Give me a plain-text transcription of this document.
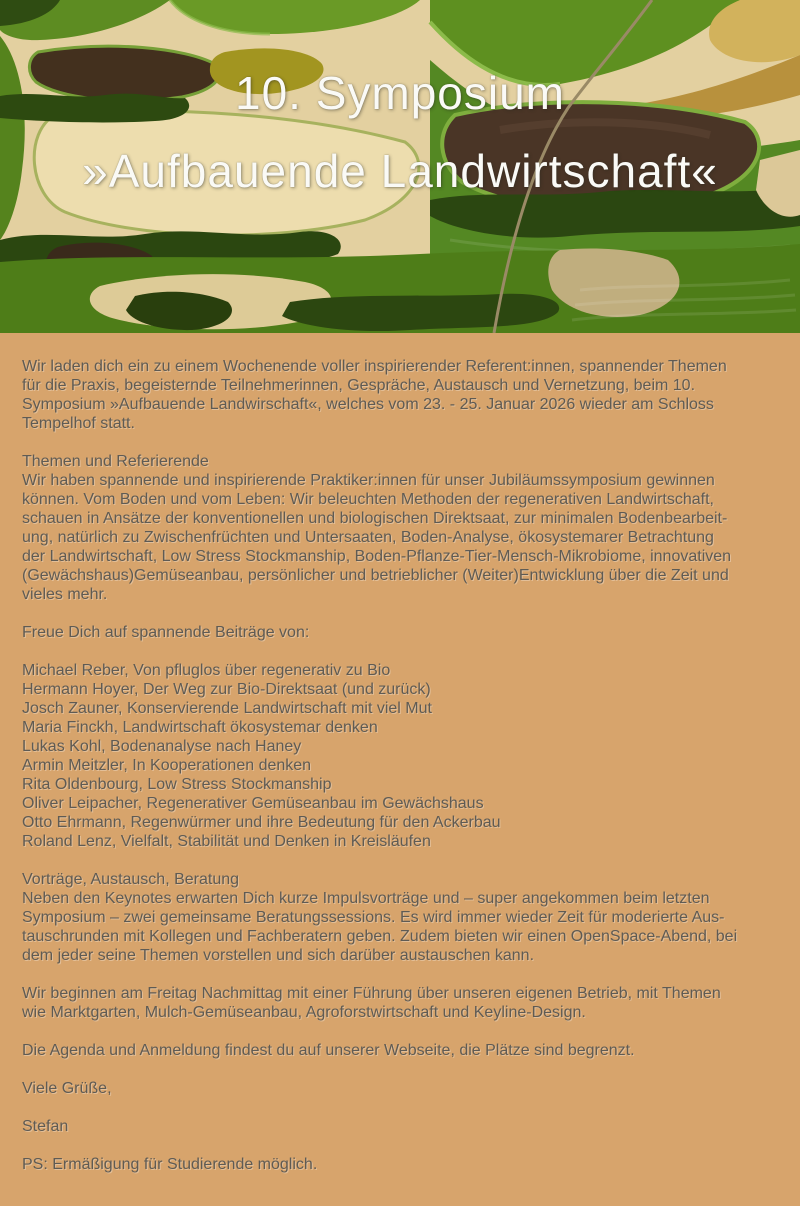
10. Symposium
»Aufbauende Landwirtschaft«
Wir laden dich ein zu einem Wochenende voller inspirierender Referent:innen, spannender Themen
für die Praxis, begeisternde Teilnehmerinnen, Gespräche, Austausch und Vernetzung, beim 10.
Symposium »Aufbauende Landwirschaft«, welches vom 23. - 25. Januar 2026 wieder am Schloss
Tempelhof statt.
Themen und Referierende
Wir haben spannende und inspirierende Praktiker:innen für unser Jubiläumssymposium gewinnen
können. Vom Boden und vom Leben: Wir beleuchten Methoden der regenerativen Landwirtschaft,
schauen in Ansätze der konventionellen und biologischen Direktsaat, zur minimalen Bodenbearbeit-
ung, natürlich zu Zwischenfrüchten und Untersaaten, Boden-Analyse, ökosystemarer Betrachtung
der Landwirtschaft, Low Stress Stockmanship, Boden-Pflanze-Tier-Mensch-Mikrobiome, innovativen
(Gewächshaus)Gemüseanbau, persönlicher und betrieblicher (Weiter)Entwicklung über die Zeit und
vieles mehr.
Freue Dich auf spannende Beiträge von:
Michael Reber, Von pfluglos über regenerativ zu Bio
Hermann Hoyer, Der Weg zur Bio-Direktsaat (und zurück)
Josch Zauner, Konservierende Landwirtschaft mit viel Mut
Maria Finckh, Landwirtschaft ökosystemar denken
Lukas Kohl, Bodenanalyse nach Haney
Armin Meitzler, In Kooperationen denken
Rita Oldenbourg, Low Stress Stockmanship
Oliver Leipacher, Regenerativer Gemüseanbau im Gewächshaus
Otto Ehrmann, Regenwürmer und ihre Bedeutung für den Ackerbau
Roland Lenz, Vielfalt, Stabilität und Denken in Kreisläufen
Vorträge, Austausch, Beratung
Neben den Keynotes erwarten Dich kurze Impulsvorträge und – super angekommen beim letzten
Symposium – zwei gemeinsame Beratungssessions. Es wird immer wieder Zeit für moderierte Aus-
tauschrunden mit Kollegen und Fachberatern geben. Zudem bieten wir einen OpenSpace-Abend, bei
dem jeder seine Themen vorstellen und sich darüber austauschen kann.
Wir beginnen am Freitag Nachmittag mit einer Führung über unseren eigenen Betrieb, mit Themen
wie Marktgarten, Mulch-Gemüseanbau, Agroforstwirtschaft und Keyline-Design.
Die Agenda und Anmeldung findest du auf unserer Webseite, die Plätze sind begrenzt.
Viele Grüße,
Stefan
PS: Ermäßigung für Studierende möglich.
